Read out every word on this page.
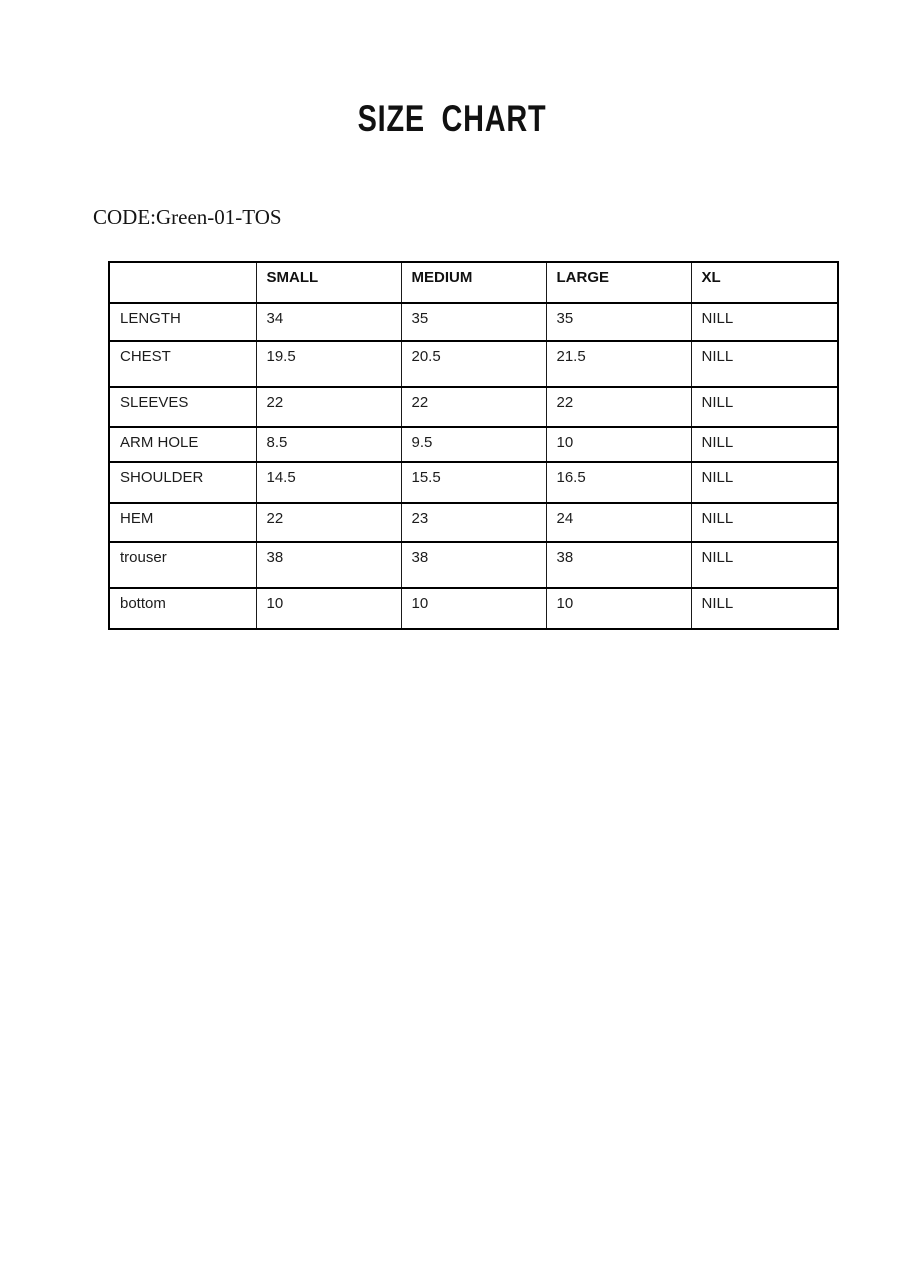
SIZE CHART
CODE:Green-01-TOS
	SMALL	MEDIUM	LARGE	XL
LENGTH	34	35	35	NILL
CHEST	19.5	20.5	21.5	NILL
SLEEVES	22	22	22	NILL
ARM HOLE	8.5	9.5	10	NILL
SHOULDER	14.5	15.5	16.5	NILL
HEM	22	23	24	NILL
trouser	38	38	38	NILL
bottom	10	10	10	NILL
